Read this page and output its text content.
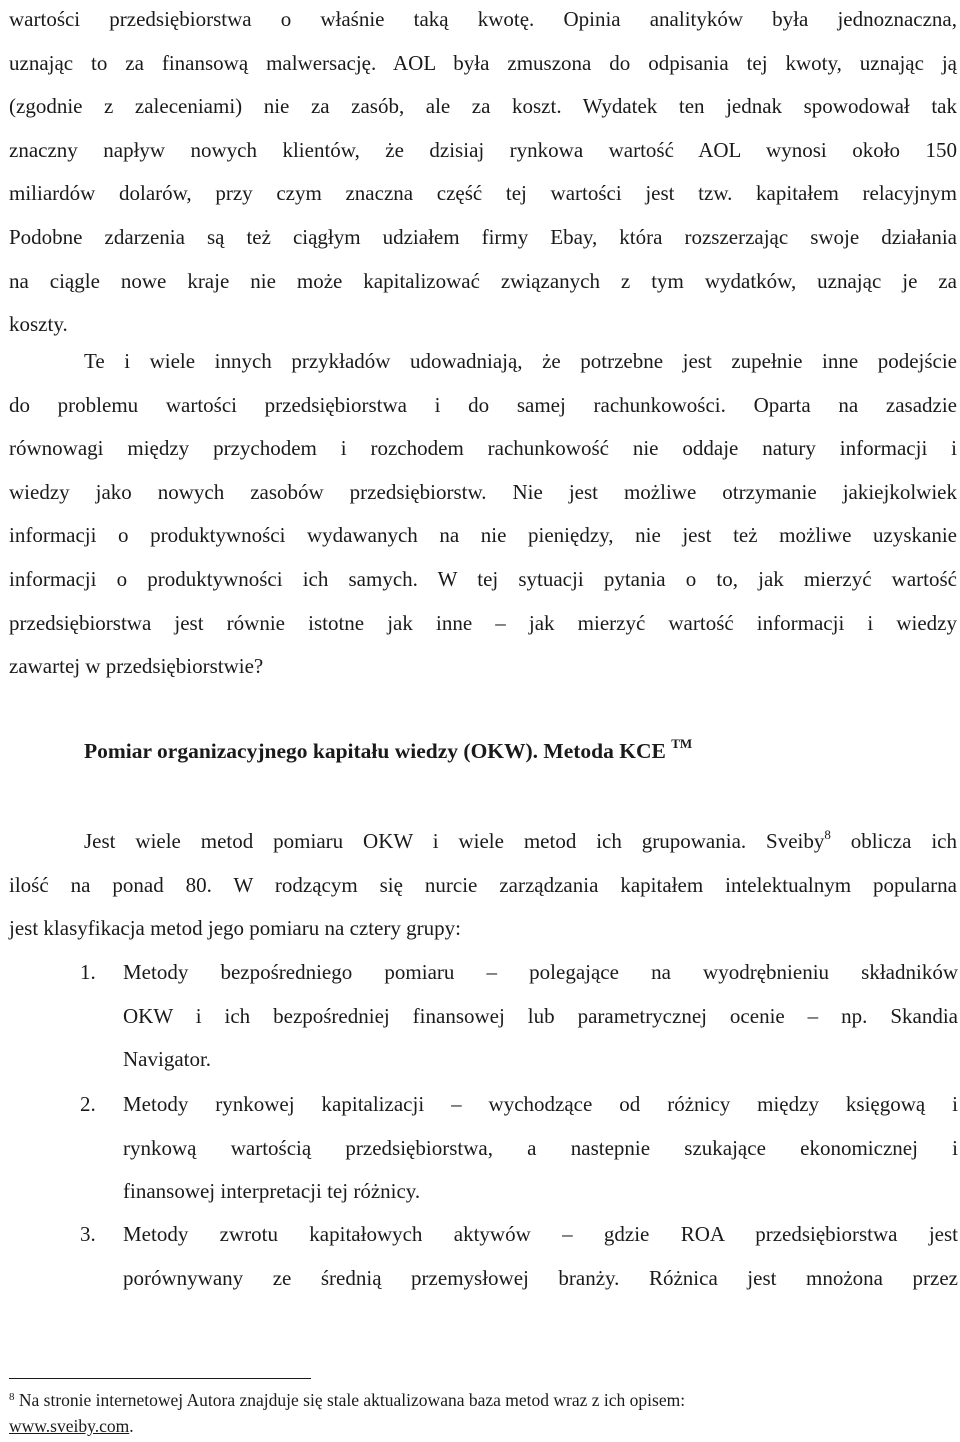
wartości przedsiębiorstwa o właśnie taką kwotę. Opinia analityków była jednoznaczna,
uznając to za finansową malwersację. AOL była zmuszona do odpisania tej kwoty, uznając ją
(zgodnie z zaleceniami) nie za zasób, ale za koszt. Wydatek ten jednak spowodował tak
znaczny napływ nowych klientów, że dzisiaj rynkowa wartość AOL wynosi około 150
miliardów dolarów, przy czym znaczna część tej wartości jest tzw. kapitałem relacyjnym
Podobne zdarzenia są też ciągłym udziałem firmy Ebay, która rozszerzając swoje działania
na ciągle nowe kraje nie może kapitalizować związanych z tym wydatków, uznając je za
koszty.
Te i wiele innych przykładów udowadniają, że potrzebne jest zupełnie inne podejście
do problemu wartości przedsiębiorstwa i do samej rachunkowości. Oparta na zasadzie
równowagi między przychodem i rozchodem rachunkowość nie oddaje natury informacji i
wiedzy jako nowych zasobów przedsiębiorstw. Nie jest możliwe otrzymanie jakiejkolwiek
informacji o produktywności wydawanych na nie pieniędzy, nie jest też możliwe uzyskanie
informacji o produktywności ich samych. W tej sytuacji pytania o to, jak mierzyć wartość
przedsiębiorstwa jest równie istotne jak inne – jak mierzyć wartość informacji i wiedzy
zawartej w przedsiębiorstwie?
Pomiar organizacyjnego kapitału wiedzy (OKW). Metoda KCE ™
Jest wiele metod pomiaru OKW i wiele metod ich grupowania. Sveiby$^8$ oblicza ich
ilość na ponad 80. W rodzącym się nurcie zarządzania kapitałem intelektualnym popularna
jest klasyfikacja metod jego pomiaru na cztery grupy:
1. Metody bezpośredniego pomiaru – polegające na wyodrębnieniu składników
OKW i ich bezpośredniej finansowej lub parametrycznej ocenie – np. Skandia
Navigator.
2. Metody rynkowej kapitalizacji – wychodzące od różnicy między księgową i
rynkową wartością przedsiębiorstwa, a nastepnie szukające ekonomicznej i
finansowej interpretacji tej różnicy.
3. Metody zwrotu kapitałowych aktywów – gdzie ROA przedsiębiorstwa jest
porównywany ze średnią przemysłowej branży. Różnica jest mnożona przez
$^8$ Na stronie internetowej Autora znajduje się stale aktualizowana baza metod wraz z ich opisem:
www.sveiby.com.
